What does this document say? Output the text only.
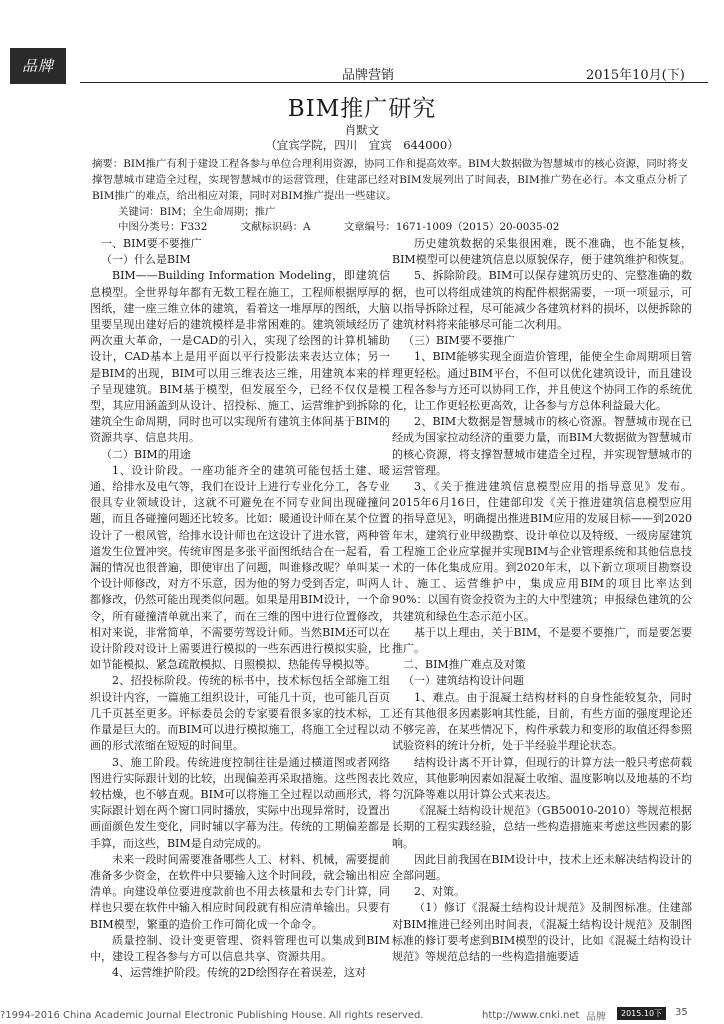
品牌
品牌营销	2015年10月(下)
BIM推广研究
肖默文
（宜宾学院，四川　宜宾　644000）
摘要：BIM推广有利于建设工程各参与单位合理利用资源，协同工作和提高效率。BIM大数据做为智慧城市的核心资源，同时将支撑智慧城市建造全过程，实现智慧城市的运营管理，住建部已经对BIM发展列出了时间表，BIM推广势在必行。本文重点分析了BIM推广的难点，给出相应对策，同时对BIM推广提出一些建议。
关键词：BIM；全生命周期；推广
中图分类号：F332	文献标识码：A	文章编号：1671-1009（2015）20-0035-02

一、BIM要不要推广

（一）什么是BIM

BIM——Building Information Modeling，即建筑信息模型。全世界每年都有无数工程在施工，工程师根据厚厚的图纸，建一座三维立体的建筑，看着这一堆厚厚的图纸，大脑里要呈现出建好后的建筑模样是非常困难的。建筑领域经历了两次重大革命，一是CAD的引入，实现了绘图的计算机辅助设计，CAD基本上是用平面以平行投影法来表达立体；另一是BIM的出现，BIM可以用三维表达三维，用建筑本来的样子呈现建筑。BIM基于模型，但发展至今，已经不仅仅是模型，其应用涵盖到从设计、招投标、施工、运营维护到拆除的建筑全生命周期，同时也可以实现所有建筑主体间基于BIM的资源共享、信息共用。

（二）BIM的用途

1、设计阶段。一座功能齐全的建筑可能包括土建、暖通、给排水及电气等，我们在设计上进行专业化分工，各专业很具专业领域设计，这就不可避免在不同专业间出现碰撞问题，而且各碰撞问题还比较多。比如：暖通设计师在某个位置设计了一根风管，给排水设计师也在这设计了进水管，两种管道发生位置冲突。传统审图是多张平面图纸结合在一起看，看漏的情况也很普遍，即使审出了问题，叫谁修改呢？单叫某一个设计师修改，对方不乐意，因为他的努力受到否定，叫两人都修改，仍然可能出现类似问题。如果是用BIM设计，一个命令，所有碰撞清单就出来了，而在三维的图中进行位置修改，相对来说，非常简单，不需要劳驾设计师。当然BIM还可以在设计阶段对设计上需要进行模拟的一些东西进行模拟实验，比如节能模拟、紧急疏散模拟、日照模拟、热能传导模拟等。

2、招投标阶段。传统的标书中，技术标包括全部施工组织设计内容，一篇施工组织设计，可能几十页，也可能几百页几千页甚至更多。评标委员会的专家要看很多家的技术标，工作量是巨大的。而BIM可以进行模拟施工，将施工全过程以动画的形式浓缩在短短的时间里。

3、施工阶段。传统进度控制往往是通过横道图或者网络图进行实际跟计划的比较，出现偏差再采取措施。这些图表比较枯燥，也不够直观。BIM可以将施工全过程以动画形式，将实际跟计划在两个窗口同时播放，实际中出现异常时，设置出画面颜色发生变化，同时辅以字幕为注。传统的工期偏差都是手算，而这些，BIM是自动完成的。

未来一段时间需要准备哪些人工、材料、机械，需要提前准备多少资金，在软件中只要输入这个时间段，就会输出相应清单。向建设单位要进度款前也不用去核量和去专门计算，同样也只要在软件中输入相应时间段就有相应清单输出。只要有BIM模型，繁重的造价工作可简化成一个命令。

质量控制、设计变更管理、资料管理也可以集成到BIM中，建设工程各参与方可以信息共享、资源共用。

4、运营维护阶段。传统的2D绘图存在着误差，这对

历史建筑数据的采集很困难，既不准确，也不能复核，BIM模型可以使建筑信息以原貌保存，便于建筑维护和恢复。

5、拆除阶段。BIM可以保存建筑历史的、完整准确的数据，也可以将组成建筑的构配件根据需要，一项一项显示，可以指导拆除过程，尽可能减少各建筑材料的损坏，以便拆除的建筑材料将来能够尽可能二次利用。

（三）BIM要不要推广

1、BIM能够实现全面造价管理，能使全生命周期项目管理更轻松。通过BIM平台，不但可以优化建筑设计，而且建设工程各参与方还可以协同工作，并且使这个协同工作的系统优化，让工作更轻松更高效，让各参与方总体利益最大化。

2、BIM大数据是智慧城市的核心资源。智慧城市现在已经成为国家拉动经济的重要力量，而BIM大数据做为智慧城市的核心资源，将支撑智慧城市建造全过程，并实现智慧城市的运营管理。

3、《关于推进建筑信息模型应用的指导意见》发布。2015年6月16日，住建部印发《关于推进建筑信息模型应用的指导意见》，明确提出推进BIM应用的发展目标——到2020年末，建筑行业甲级勘察、设计单位以及特级、一级房屋建筑工程施工企业应掌握并实现BIM与企业管理系统和其他信息技术的一体化集成应用。到2020年末，以下新立项项目勘察设计、施工、运营维护中，集成应用BIM的项目比率达到90%：以国有资金投资为主的大中型建筑；申报绿色建筑的公共建筑和绿色生态示范小区。

基于以上理由，关于BIM，不是要不要推广，而是要怎要推广。

二、BIM推广难点及对策

（一）建筑结构设计问题

1、难点。由于混凝土结构材料的自身性能较复杂，同时还有其他很多因素影响其性能，目前，有些方面的强度理论还不够完善，在某些情况下，构件承载力和变形的取值还得参照试验资料的统计分析，处于半经验半理论状态。

结构设计离不开计算，但现行的计算方法一般只考虑荷载效应，其他影响因素如混凝土收缩、温度影响以及地基的不均匀沉降等难以用计算公式来表达。

《混凝土结构设计规范》（GB50010-2010）等规范根据长期的工程实践经验，总结一些构造措施来考虑这些因素的影响。

因此目前我国在BIM设计中，技术上还未解决结构设计的全部问题。

2、对策。

（1）修订《混凝土结构设计规范》及制图标准。住建部对BIM推进已经列出时间表，《混凝土结构设计规范》及制图标准的修订要考虑到BIM模型的设计，比如《混凝土结构设计规范》等规范总结的一些构造措施要适

?1994-2016 China Academic Journal Electronic Publishing House. All rights reserved.	http://www.cnki.net 品牌	2015.10下	35
